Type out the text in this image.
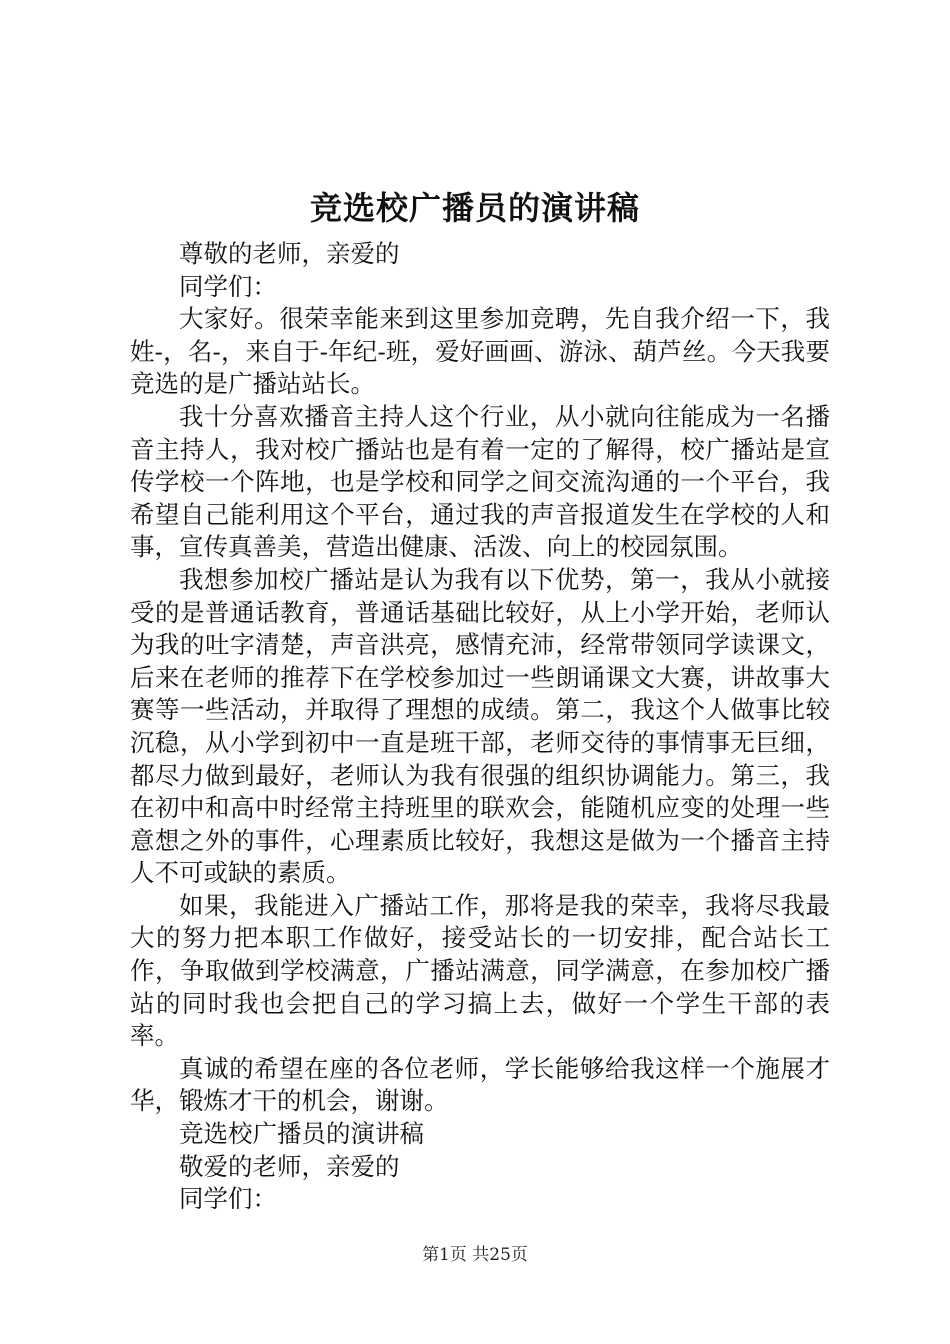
竞选校广播员的演讲稿

尊敬的老师，亲爱的

同学们：

大家好。很荣幸能来到这里参加竞聘，先自我介绍一下，我姓-，名-，来自于-年纪-班，爱好画画、游泳、葫芦丝。今天我要竞选的是广播站站长。

我十分喜欢播音主持人这个行业，从小就向往能成为一名播音主持人，我对校广播站也是有着一定的了解得，校广播站是宣传学校一个阵地，也是学校和同学之间交流沟通的一个平台，我希望自己能利用这个平台，通过我的声音报道发生在学校的人和事，宣传真善美，营造出健康、活泼、向上的校园氛围。

我想参加校广播站是认为我有以下优势，第一，我从小就接受的是普通话教育，普通话基础比较好，从上小学开始，老师认为我的吐字清楚，声音洪亮，感情充沛，经常带领同学读课文，后来在老师的推荐下在学校参加过一些朗诵课文大赛，讲故事大赛等一些活动，并取得了理想的成绩。第二，我这个人做事比较沉稳，从小学到初中一直是班干部，老师交待的事情事无巨细，都尽力做到最好，老师认为我有很强的组织协调能力。第三，我在初中和高中时经常主持班里的联欢会，能随机应变的处理一些意想之外的事件，心理素质比较好，我想这是做为一个播音主持人不可或缺的素质。

如果，我能进入广播站工作，那将是我的荣幸，我将尽我最大的努力把本职工作做好，接受站长的一切安排，配合站长工作，争取做到学校满意，广播站满意，同学满意，在参加校广播站的同时我也会把自己的学习搞上去，做好一个学生干部的表率。

真诚的希望在座的各位老师，学长能够给我这样一个施展才华，锻炼才干的机会，谢谢。

竞选校广播员的演讲稿

敬爱的老师，亲爱的

同学们：

第1页 共25页
